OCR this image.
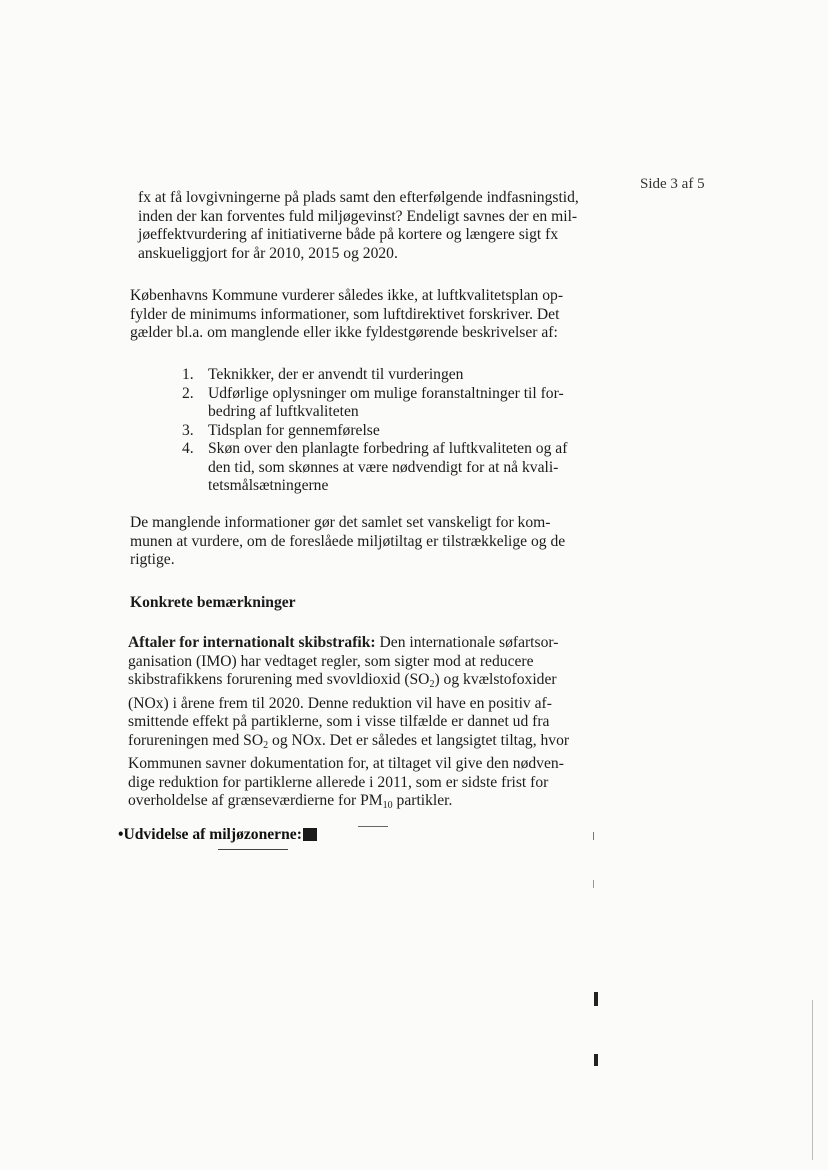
Side 3 af 5
fx at få lovgivningerne på plads samt den efterfølgende indfasningstid,
inden der kan forventes fuld miljøgevinst? Endeligt savnes der en mil-
jøeffektvurdering af initiativerne både på kortere og længere sigt fx
anskueliggjort for år 2010, 2015 og 2020.
Københavns Kommune vurderer således ikke, at luftkvalitetsplan op-
fylder de minimums informationer, som luftdirektivet forskriver. Det
gælder bl.a. om manglende eller ikke fyldestgørende beskrivelser af:
1. Teknikker, der er anvendt til vurderingen
2. Udførlige oplysninger om mulige foranstaltninger til for-
bedring af luftkvaliteten
3. Tidsplan for gennemførelse
4. Skøn over den planlagte forbedring af luftkvaliteten og af
den tid, som skønnes at være nødvendigt for at nå kvali-
tetsmålsætningerne
De manglende informationer gør det samlet set vanskeligt for kom-
munen at vurdere, om de foreslåede miljøtiltag er tilstrækkelige og de
rigtige.
Konkrete bemærkninger
Aftaler for internationalt skibstrafik: Den internationale søfartsor-
ganisation (IMO) har vedtaget regler, som sigter mod at reducere
skibstrafikkens forurening med svovldioxid $(SO_2)$ og kvælstofoxider
(NOx) i årene frem til 2020. Denne reduktion vil have en positiv af-
smittende effekt på partiklerne, som i visse tilfælde er dannet ud fra
forureningen med $SO_2$ og NOx. Det er således et langsigtet tiltag, hvor
Kommunen savner dokumentation for, at tiltaget vil give den nødven-
dige reduktion for partiklerne allerede i 2011, som er sidste frist for
overholdelse af grænseværdierne for $PM_{10}$ partikler.
•Udvidelse af miljøzonerne:
